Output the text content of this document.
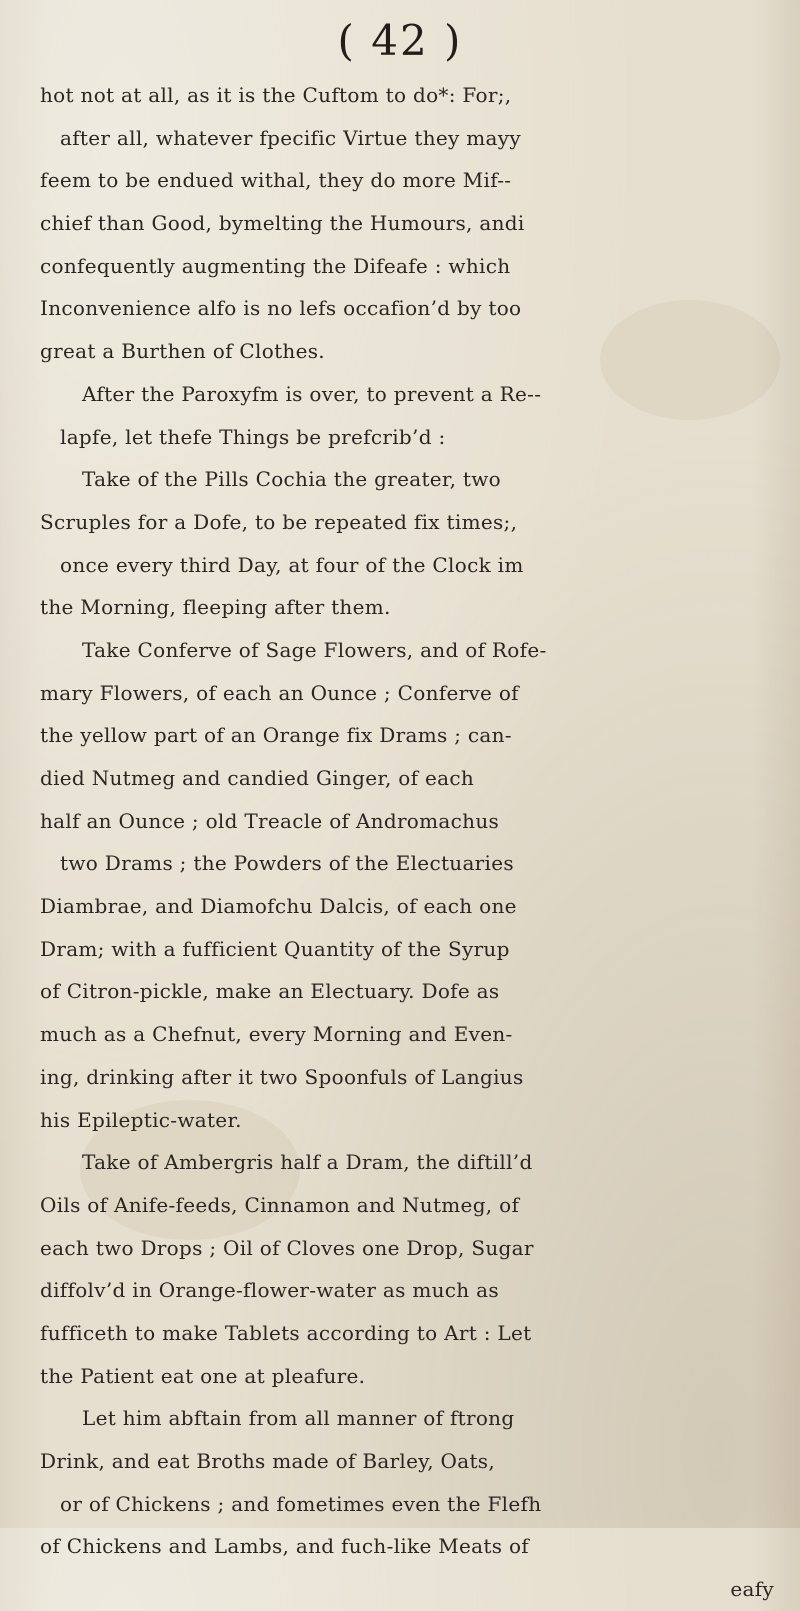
( 42 )
hot not at all, as it is the Cuftom to do*: For;,
after all, whatever fpecific Virtue they mayy
feem to be endued withal, they do more Mif--
chief than Good, bymelting the Humours, andi
confequently augmenting the Difeafe : which
Inconvenience alfo is no lefs occafion’d by too
great a Burthen of Clothes.
After the Paroxyfm is over, to prevent a Re--
lapfe, let thefe Things be prefcrib’d :
Take of the Pills Cochia the greater, two
Scruples for a Dofe, to be repeated fix times;,
once every third Day, at four of the Clock im
the Morning, fleeping after them.
Take Conferve of Sage Flowers, and of Rofe-
mary Flowers, of each an Ounce ; Conferve of
the yellow part of an Orange fix Drams ; can-
died Nutmeg and candied Ginger, of each
half an Ounce ; old Treacle of Andromachus
two Drams ; the Powders of the Electuaries
Diambrae, and Diamofchu Dalcis, of each one
Dram; with a fufficient Quantity of the Syrup
of Citron-pickle, make an Electuary. Dofe as
much as a Chefnut, every Morning and Even-
ing, drinking after it two Spoonfuls of Langius
his Epileptic-water.
Take of Ambergris half a Dram, the diftill’d
Oils of Anife-feeds, Cinnamon and Nutmeg, of
each two Drops ; Oil of Cloves one Drop, Sugar
diffolv’d in Orange-flower-water as much as
fufficeth to make Tablets according to Art : Let
the Patient eat one at pleafure.
Let him abftain from all manner of ftrong
Drink, and eat Broths made of Barley, Oats,
or of Chickens ; and fometimes even the Flefh
of Chickens and Lambs, and fuch-like Meats of
eafy
